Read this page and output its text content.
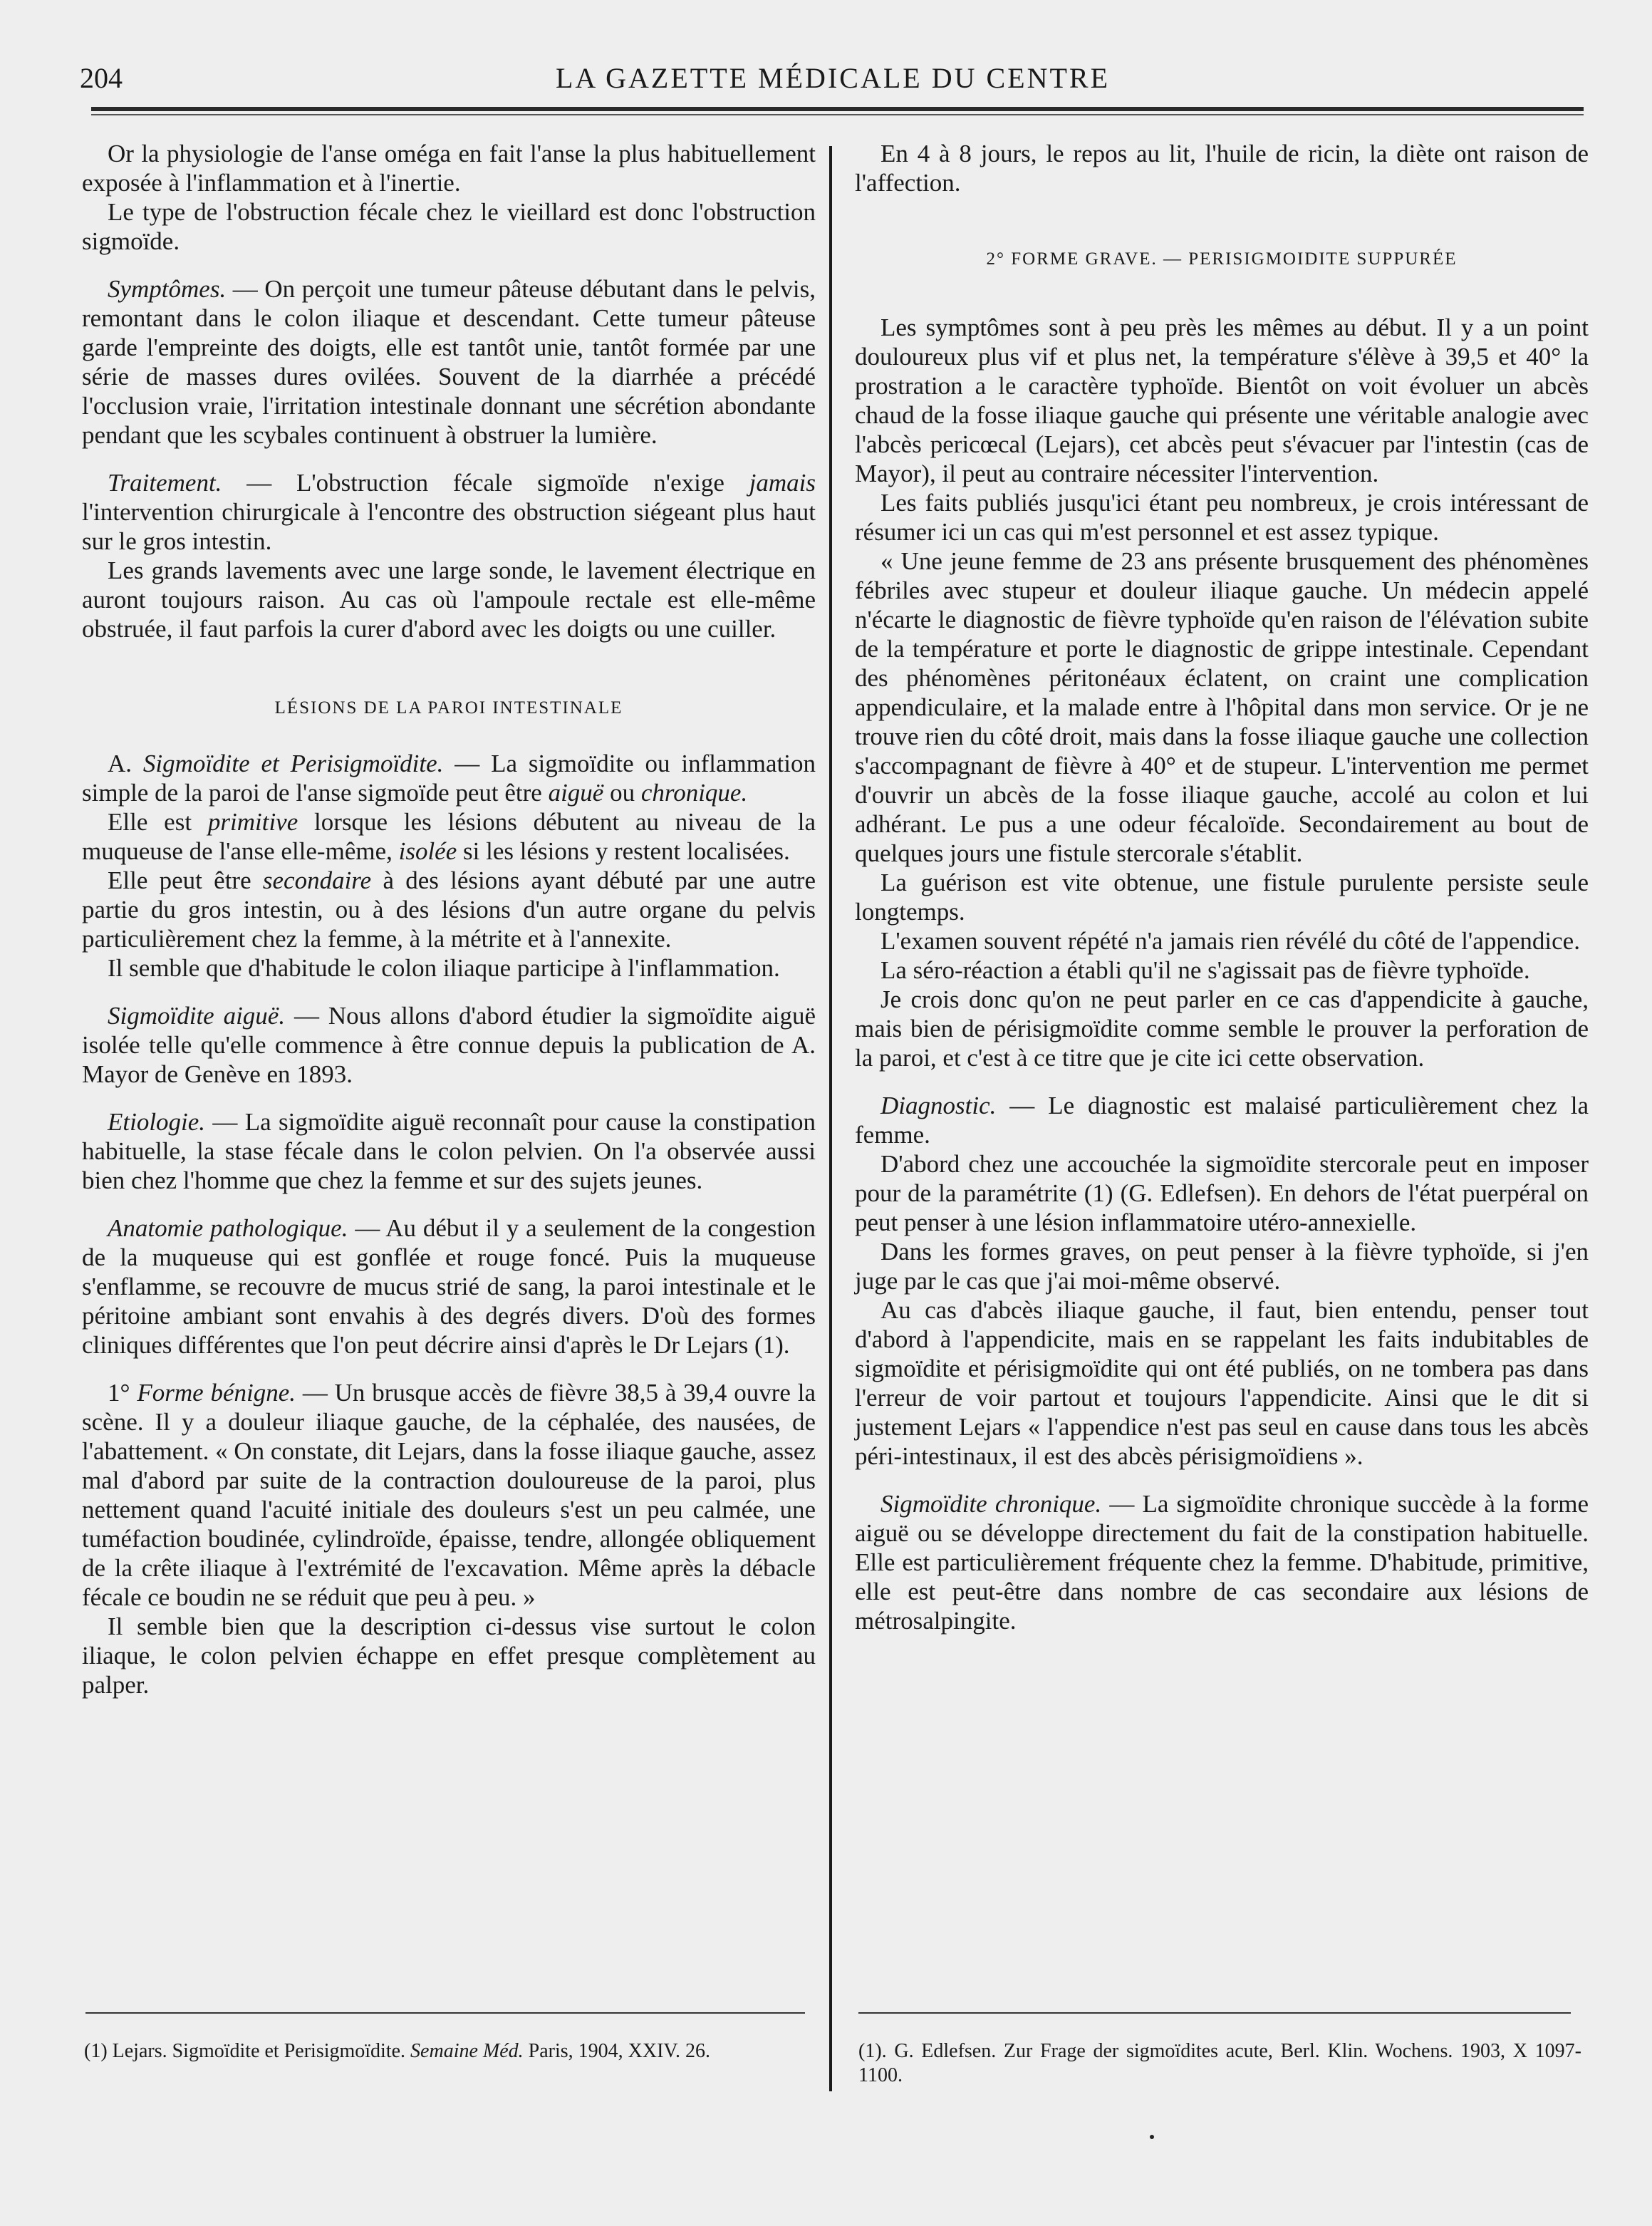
204	LA GAZETTE MÉDICALE DU CENTRE

Or la physiologie de l'anse oméga en fait l'anse la plus habituellement exposée à l'inflammation et à l'inertie.

Le type de l'obstruction fécale chez le vieillard est donc l'obstruction sigmoïde.

Symptômes. — On perçoit une tumeur pâteuse débutant dans le pelvis, remontant dans le colon iliaque et descendant. Cette tumeur pâteuse garde l'empreinte des doigts, elle est tantôt unie, tantôt formée par une série de masses dures ovilées. Souvent de la diarrhée a précédé l'occlusion vraie, l'irritation intestinale donnant une sécrétion abondante pendant que les scybales continuent à obstruer la lumière.

Traitement. — L'obstruction fécale sigmoïde n'exige jamais l'intervention chirurgicale à l'encontre des obstruction siégeant plus haut sur le gros intestin.

Les grands lavements avec une large sonde, le lavement électrique en auront toujours raison. Au cas où l'ampoule rectale est elle-même obstruée, il faut parfois la curer d'abord avec les doigts ou une cuiller.

LÉSIONS DE LA PAROI INTESTINALE

A. Sigmoïdite et Perisigmoïdite. — La sigmoïdite ou inflammation simple de la paroi de l'anse sigmoïde peut être aiguë ou chronique.

Elle est primitive lorsque les lésions débutent au niveau de la muqueuse de l'anse elle-même, isolée si les lésions y restent localisées.

Elle peut être secondaire à des lésions ayant débuté par une autre partie du gros intestin, ou à des lésions d'un autre organe du pelvis particulièrement chez la femme, à la métrite et à l'annexite.

Il semble que d'habitude le colon iliaque participe à l'inflammation.

Sigmoïdite aiguë. — Nous allons d'abord étudier la sigmoïdite aiguë isolée telle qu'elle commence à être connue depuis la publication de A. Mayor de Genève en 1893.

Etiologie. — La sigmoïdite aiguë reconnaît pour cause la constipation habituelle, la stase fécale dans le colon pelvien. On l'a observée aussi bien chez l'homme que chez la femme et sur des sujets jeunes.

Anatomie pathologique. — Au début il y a seulement de la congestion de la muqueuse qui est gonflée et rouge foncé. Puis la muqueuse s'enflamme, se recouvre de mucus strié de sang, la paroi intestinale et le péritoine ambiant sont envahis à des degrés divers. D'où des formes cliniques différentes que l'on peut décrire ainsi d'après le Dr Lejars (1).

1° Forme bénigne. — Un brusque accès de fièvre 38,5 à 39,4 ouvre la scène. Il y a douleur iliaque gauche, de la céphalée, des nausées, de l'abattement. « On constate, dit Lejars, dans la fosse iliaque gauche, assez mal d'abord par suite de la contraction douloureuse de la paroi, plus nettement quand l'acuité initiale des douleurs s'est un peu calmée, une tuméfaction boudinée, cylindroïde, épaisse, tendre, allongée obliquement de la crête iliaque à l'extrémité de l'excavation. Même après la débacle fécale ce boudin ne se réduit que peu à peu. »

Il semble bien que la description ci-dessus vise surtout le colon iliaque, le colon pelvien échappe en effet presque complètement au palper.

(1) Lejars. Sigmoïdite et Perisigmoïdite. Semaine Méd. Paris, 1904, XXIV. 26.

En 4 à 8 jours, le repos au lit, l'huile de ricin, la diète ont raison de l'affection.

2° FORME GRAVE. — PERISIGMOIDITE SUPPURÉE

Les symptômes sont à peu près les mêmes au début. Il y a un point douloureux plus vif et plus net, la température s'élève à 39,5 et 40° la prostration a le caractère typhoïde. Bientôt on voit évoluer un abcès chaud de la fosse iliaque gauche qui présente une véritable analogie avec l'abcès pericœcal (Lejars), cet abcès peut s'évacuer par l'intestin (cas de Mayor), il peut au contraire nécessiter l'intervention.

Les faits publiés jusqu'ici étant peu nombreux, je crois intéressant de résumer ici un cas qui m'est personnel et est assez typique.

« Une jeune femme de 23 ans présente brusquement des phénomènes fébriles avec stupeur et douleur iliaque gauche. Un médecin appelé n'écarte le diagnostic de fièvre typhoïde qu'en raison de l'élévation subite de la température et porte le diagnostic de grippe intestinale. Cependant des phénomènes péritonéaux éclatent, on craint une complication appendiculaire, et la malade entre à l'hôpital dans mon service. Or je ne trouve rien du côté droit, mais dans la fosse iliaque gauche une collection s'accompagnant de fièvre à 40° et de stupeur. L'intervention me permet d'ouvrir un abcès de la fosse iliaque gauche, accolé au colon et lui adhérant. Le pus a une odeur fécaloïde. Secondairement au bout de quelques jours une fistule stercorale s'établit.

La guérison est vite obtenue, une fistule purulente persiste seule longtemps.

L'examen souvent répété n'a jamais rien révélé du côté de l'appendice.

La séro-réaction a établi qu'il ne s'agissait pas de fièvre typhoïde.

Je crois donc qu'on ne peut parler en ce cas d'appendicite à gauche, mais bien de périsigmoïdite comme semble le prouver la perforation de la paroi, et c'est à ce titre que je cite ici cette observation.

Diagnostic. — Le diagnostic est malaisé particulièrement chez la femme.

D'abord chez une accouchée la sigmoïdite stercorale peut en imposer pour de la paramétrite (1) (G. Edlefsen). En dehors de l'état puerpéral on peut penser à une lésion inflammatoire utéro-annexielle.

Dans les formes graves, on peut penser à la fièvre typhoïde, si j'en juge par le cas que j'ai moi-même observé.

Au cas d'abcès iliaque gauche, il faut, bien entendu, penser tout d'abord à l'appendicite, mais en se rappelant les faits indubitables de sigmoïdite et périsigmoïdite qui ont été publiés, on ne tombera pas dans l'erreur de voir partout et toujours l'appendicite. Ainsi que le dit si justement Lejars « l'appendice n'est pas seul en cause dans tous les abcès péri-intestinaux, il est des abcès périsigmoïdiens ».

Sigmoïdite chronique. — La sigmoïdite chronique succède à la forme aiguë ou se développe directement du fait de la constipation habituelle. Elle est particulièrement fréquente chez la femme. D'habitude, primitive, elle est peut-être dans nombre de cas secondaire aux lésions de métrosalpingite.

(1). G. Edlefsen. Zur Frage der sigmoïdites acute, Berl. Klin. Wochens. 1903, X 1097-1100.
